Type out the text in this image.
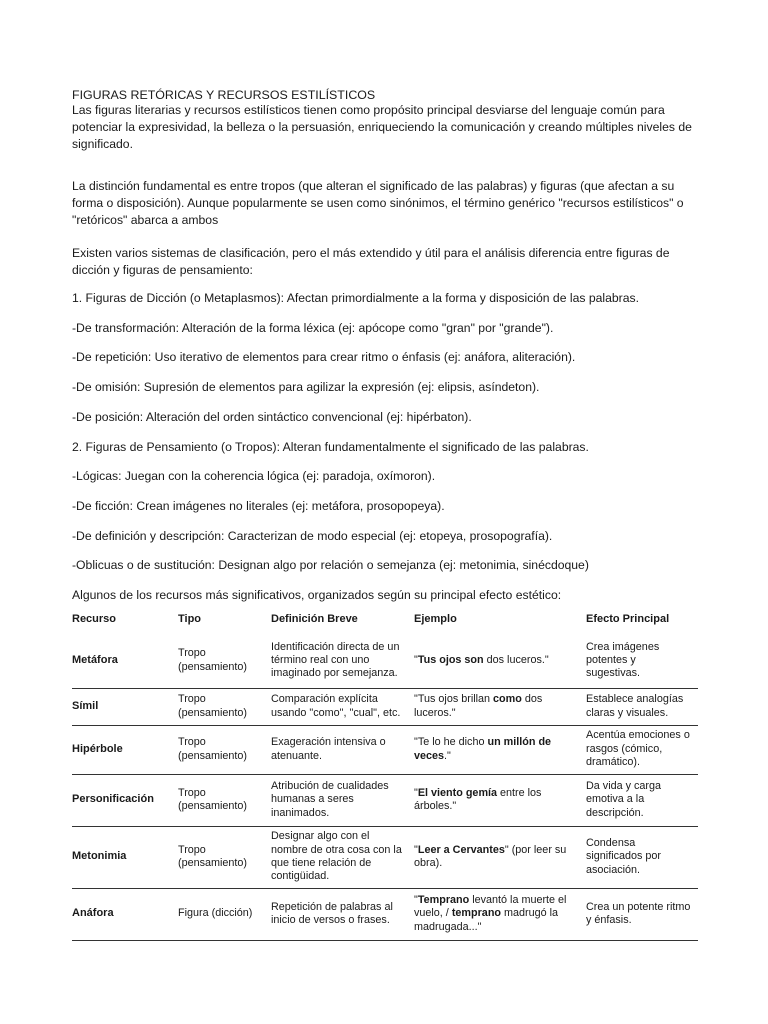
FIGURAS RETÓRICAS Y RECURSOS ESTILÍSTICOS

Las figuras literarias y recursos estilísticos tienen como propósito principal desviarse del lenguaje común para potenciar la expresividad, la belleza o la persuasión, enriqueciendo la comunicación y creando múltiples niveles de significado.

La distinción fundamental es entre tropos (que alteran el significado de las palabras) y figuras (que afectan a su forma o disposición). Aunque popularmente se usen como sinónimos, el término genérico "recursos estilísticos" o "retóricos" abarca a ambos

Existen varios sistemas de clasificación, pero el más extendido y útil para el análisis diferencia entre figuras de dicción y figuras de pensamiento:

1. Figuras de Dicción (o Metaplasmos): Afectan primordialmente a la forma y disposición de las palabras.

-De transformación: Alteración de la forma léxica (ej: apócope como "gran" por "grande").

-De repetición: Uso iterativo de elementos para crear ritmo o énfasis (ej: anáfora, aliteración).

-De omisión: Supresión de elementos para agilizar la expresión (ej: elipsis, asíndeton).

-De posición: Alteración del orden sintáctico convencional (ej: hipérbaton).

2. Figuras de Pensamiento (o Tropos): Alteran fundamentalmente el significado de las palabras.

-Lógicas: Juegan con la coherencia lógica (ej: paradoja, oxímoron).

-De ficción: Crean imágenes no literales (ej: metáfora, prosopopeya).

-De definición y descripción: Caracterizan de modo especial (ej: etopeya, prosopografía).

-Oblicuas o de sustitución: Designan algo por relación o semejanza (ej: metonimia, sinécdoque)

Algunos de los recursos más significativos, organizados según su principal efecto estético:

Recurso	Tipo	Definición Breve	Ejemplo	Efecto Principal

Metáfora	Tropo (pensamiento)	Identificación directa de un término real con uno imaginado por semejanza.	"Tus ojos son dos luceros."	Crea imágenes potentes y sugestivas.

Símil	Tropo (pensamiento)	Comparación explícita usando "como", "cual", etc.	"Tus ojos brillan como dos luceros."	Establece analogías claras y visuales.

Hipérbole	Tropo (pensamiento)	Exageración intensiva o atenuante.	"Te lo he dicho un millón de veces."	Acentúa emociones o rasgos (cómico, dramático).

Personificación	Tropo (pensamiento)	Atribución de cualidades humanas a seres inanimados.	"El viento gemía entre los árboles."	Da vida y carga emotiva a la descripción.

Metonimia	Tropo (pensamiento)	Designar algo con el nombre de otra cosa con la que tiene relación de contigüidad.	"Leer a Cervantes" (por leer su obra).	Condensa significados por asociación.

Anáfora	Figura (dicción)	Repetición de palabras al inicio de versos o frases.	"Temprano levantó la muerte el vuelo, / temprano madrugó la madrugada..."	Crea un potente ritmo y énfasis.
